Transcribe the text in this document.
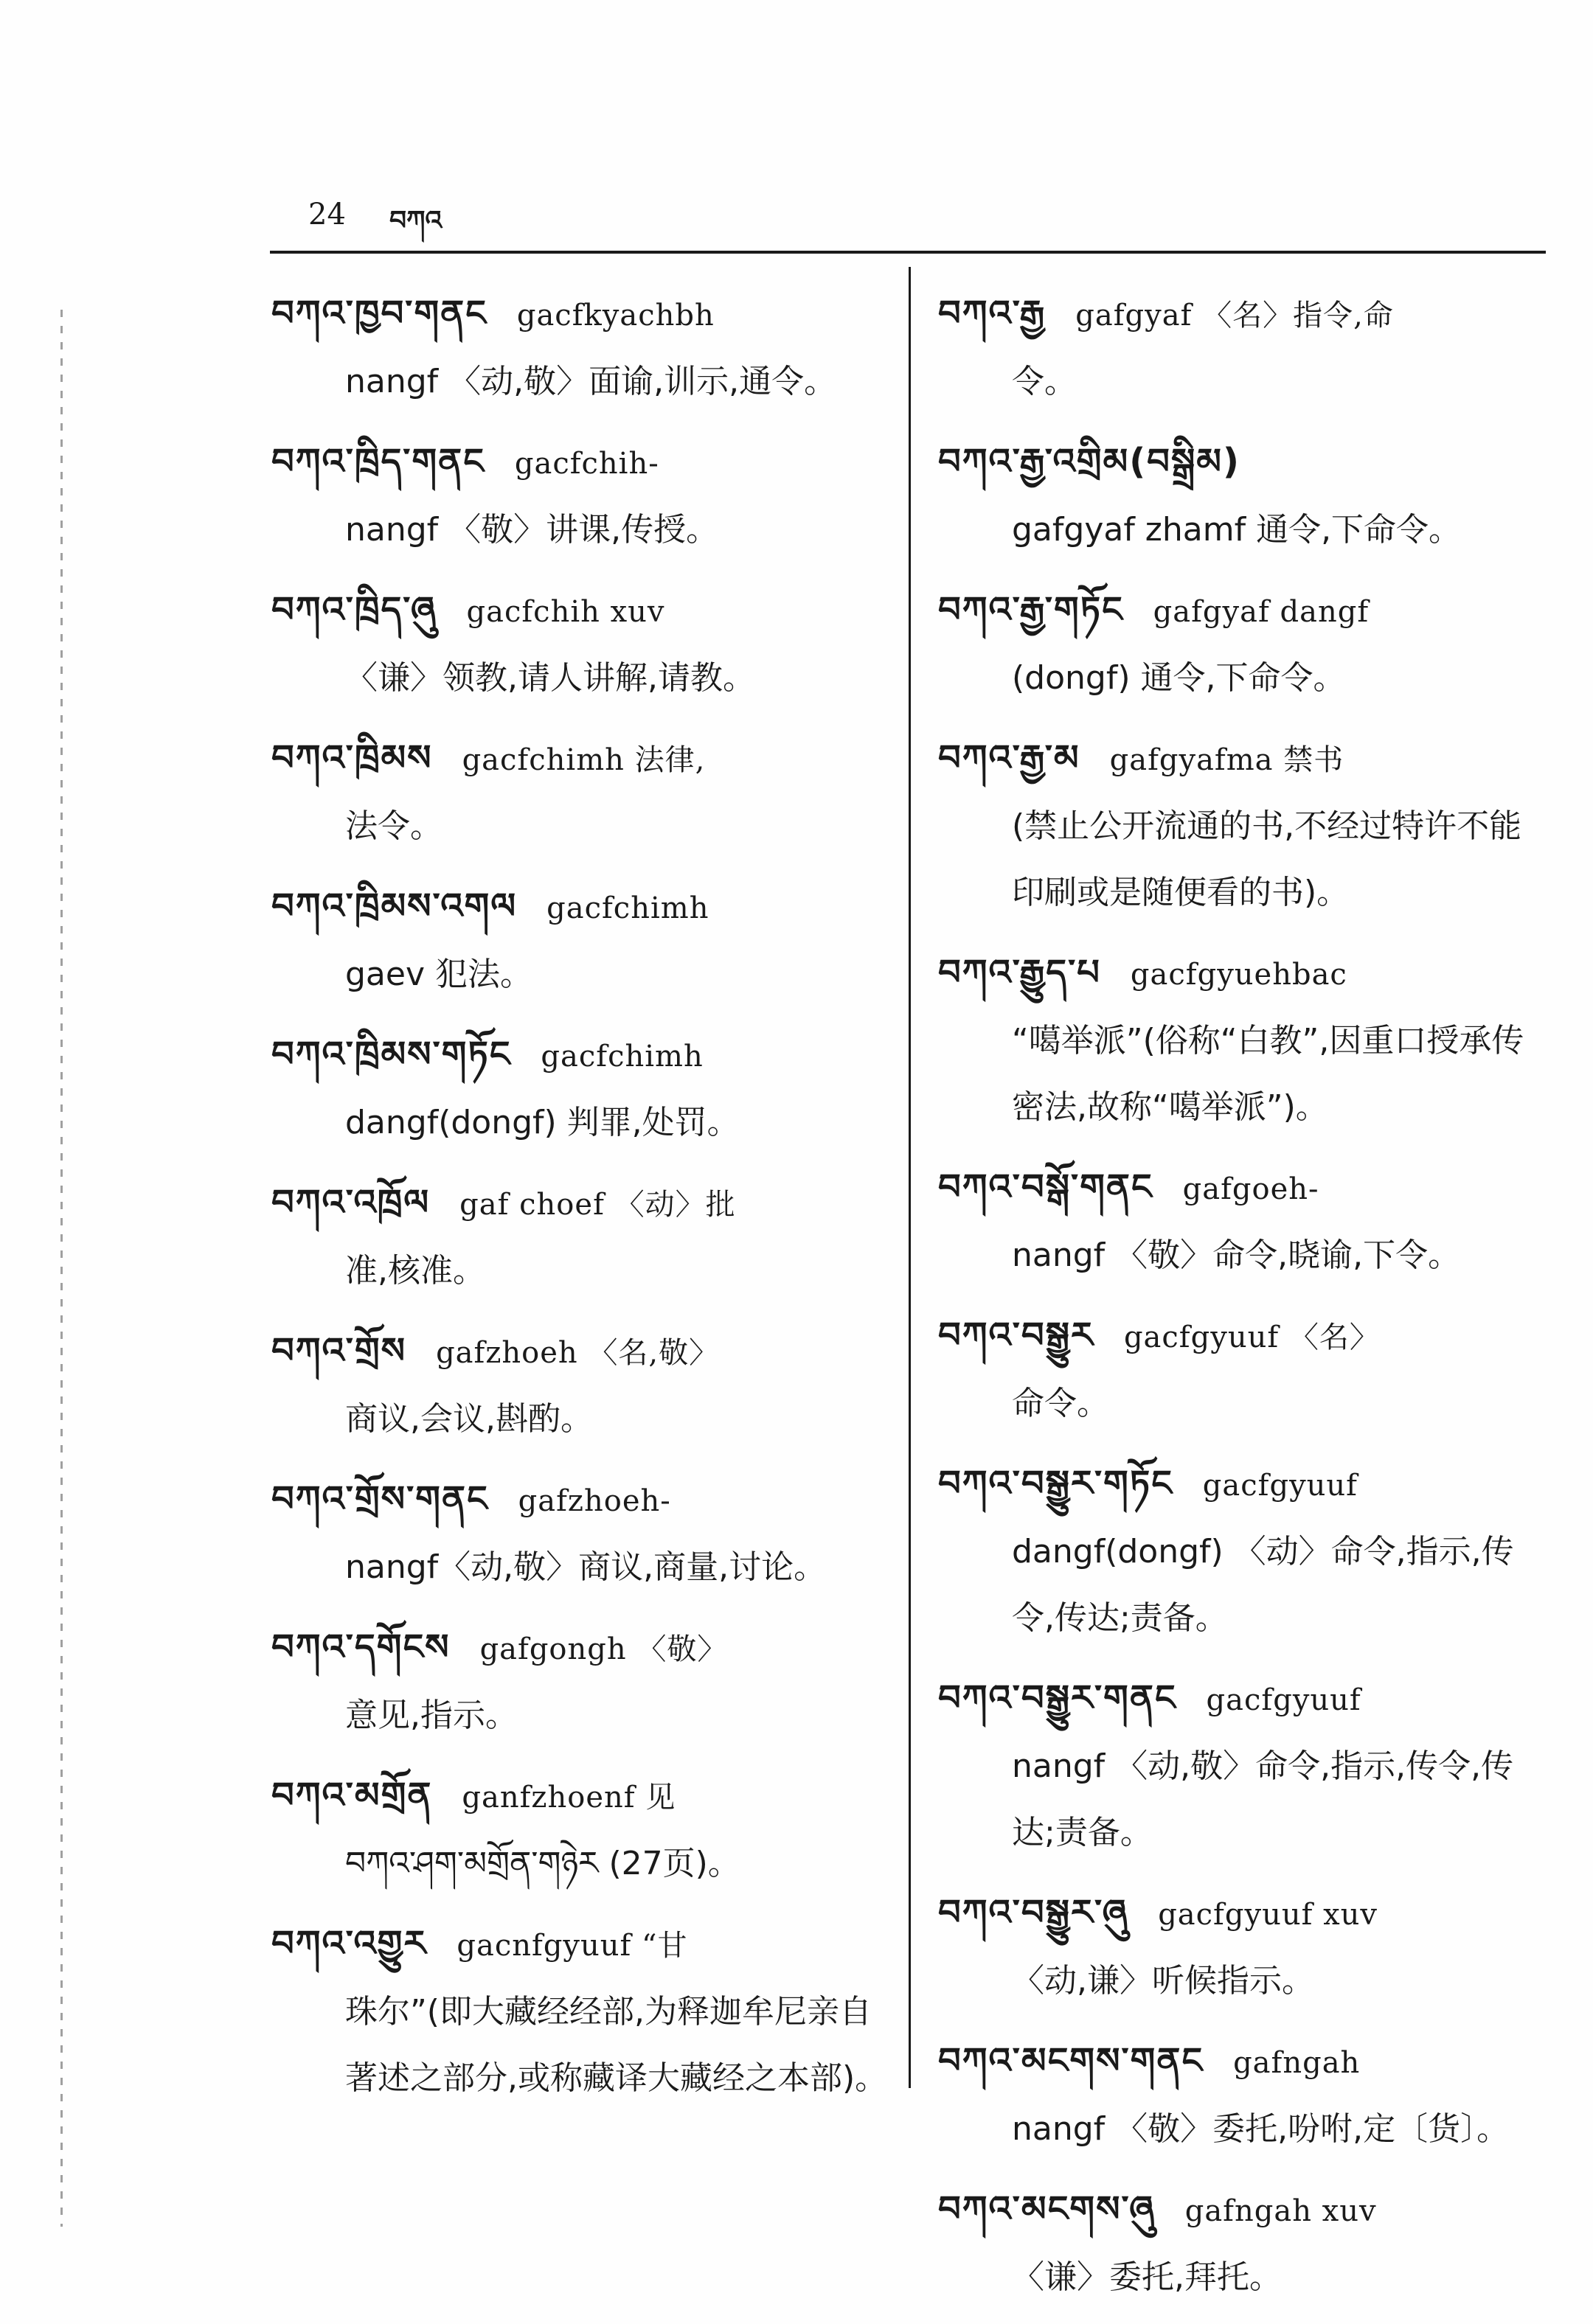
24 བཀའ
བཀའ་ཁྱབ་གནང gacfkyachbh
nangf 〈动,敬〉面谕,训示,通令。
བཀའ་ཁྲིད་གནང gacfchih-
nangf 〈敬〉讲课,传授。
བཀའ་ཁྲིད་ཞུ gacfchih xuv
〈谦〉领教,请人讲解,请教。
བཀའ་ཁྲིམས gacfchimh 法律,
法令。
བཀའ་ཁྲིམས་འགལ gacfchimh
gaev 犯法。
བཀའ་ཁྲིམས་གཏོང gacfchimh
dangf(dongf) 判罪,处罚。
བཀའ་འཁྲོལ gaf choef 〈动〉批
准,核准。
བཀའ་གྲོས gafzhoeh 〈名,敬〉
商议,会议,斟酌。
བཀའ་གྲོས་གནང gafzhoeh-
nangf〈动,敬〉商议,商量,讨论。
བཀའ་དགོངས gafgongh 〈敬〉
意见,指示。
བཀའ་མགྲོན ganfzhoenf 见
བཀའ་ཤག་མགྲོན་གཉེར (27页)。
བཀའ་འགྱུར gacnfgyuuf “甘
珠尔”(即大藏经经部,为释迦牟尼亲自著述之部分,或称藏译大藏经之本部)。
བཀའ་རྒྱ gafgyaf 〈名〉指令,命
令。
བཀའ་རྒྱ་འགྲིམ(བསྒྲིམ)
gafgyaf zhamf 通令,下命令。
བཀའ་རྒྱ་གཏོང gafgyaf dangf
(dongf) 通令,下命令。
བཀའ་རྒྱ་མ gafgyafma 禁书
(禁止公开流通的书,不经过特许不能印刷或是随便看的书)。
བཀའ་རྒྱུད་པ gacfgyuehbac
“噶举派”(俗称“白教”,因重口授承传密法,故称“噶举派”)。
བཀའ་བསྒོ་གནང gafgoeh-
nangf 〈敬〉命令,晓谕,下令。
བཀའ་བསྒྱུར gacfgyuuf 〈名〉
命令。
བཀའ་བསྒྱུར་གཏོང gacfgyuuf
dangf(dongf) 〈动〉命令,指示,传令,传达;责备。
བཀའ་བསྒྱུར་གནང gacfgyuuf
nangf 〈动,敬〉命令,指示,传令,传达;责备。
བཀའ་བསྒྱུར་ཞུ gacfgyuuf xuv
〈动,谦〉听候指示。
བཀའ་མངགས་གནང gafngah
nangf 〈敬〉委托,吩咐,定〔货〕。
བཀའ་མངགས་ཞུ gafngah xuv
〈谦〉委托,拜托。
